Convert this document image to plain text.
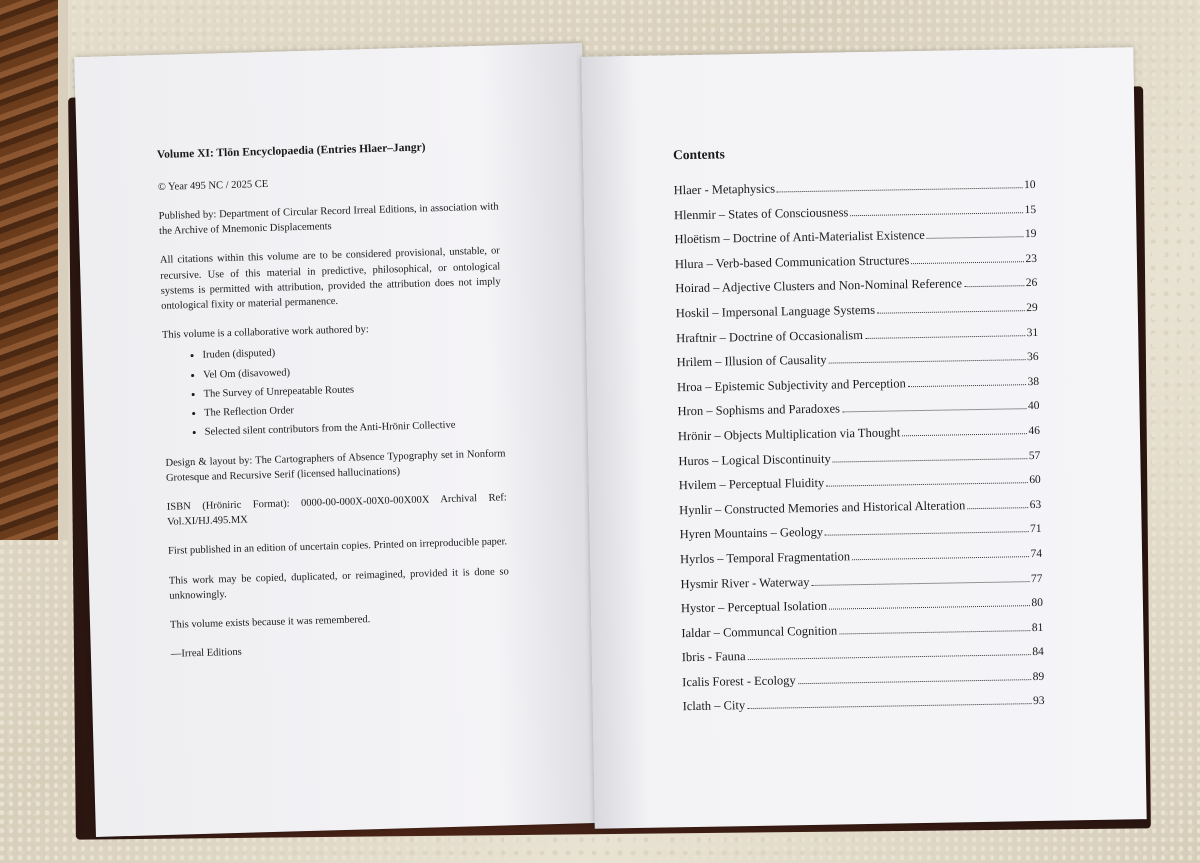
Volume XI: Tlön Encyclopaedia (Entries Hlaer–Jangr)

© Year 495 NC / 2025 CE

Published by: Department of Circular Record Irreal Editions, in association with the Archive of Mnemonic Displacements

All citations within this volume are to be considered provisional, unstable, or recursive. Use of this material in predictive, philosophical, or ontological systems is permitted with attribution, provided the attribution does not imply ontological fixity or material permanence.

This volume is a collaborative work authored by:

• Iruden (disputed)
• Vel Om (disavowed)
• The Survey of Unrepeatable Routes
• The Reflection Order
• Selected silent contributors from the Anti-Hrönir Collective

Design & layout by: The Cartographers of Absence Typography set in Nonform Grotesque and Recursive Serif (licensed hallucinations)

ISBN (Hröniric Format): 0000-00-000X-00X0-00X00X Archival Ref: Vol.XI/HJ.495.MX

First published in an edition of uncertain copies. Printed on irreproducible paper.

This work may be copied, duplicated, or reimagined, provided it is done so unknowingly.

This volume exists because it was remembered.

—Irreal Editions

Contents
Hlaer - Metaphysics	10
Hlenmir – States of Consciousness	15
Hloëtism – Doctrine of Anti-Materialist Existence	19
Hlura – Verb-based Communication Structures	23
Hoirad – Adjective Clusters and Non-Nominal Reference	26
Hoskil – Impersonal Language Systems	29
Hraftnir – Doctrine of Occasionalism	31
Hrilem – Illusion of Causality	36
Hroa – Epistemic Subjectivity and Perception	38
Hron – Sophisms and Paradoxes	40
Hrönir – Objects Multiplication via Thought	46
Huros – Logical Discontinuity	57
Hvilem – Perceptual Fluidity	60
Hynlir – Constructed Memories and Historical Alteration	63
Hyren Mountains – Geology	71
Hyrlos – Temporal Fragmentation	74
Hysmir River - Waterway	77
Hystor – Perceptual Isolation	80
Ialdar – Communcal Cognition	81
Ibris - Fauna	84
Icalis Forest - Ecology	89
Iclath – City	93
